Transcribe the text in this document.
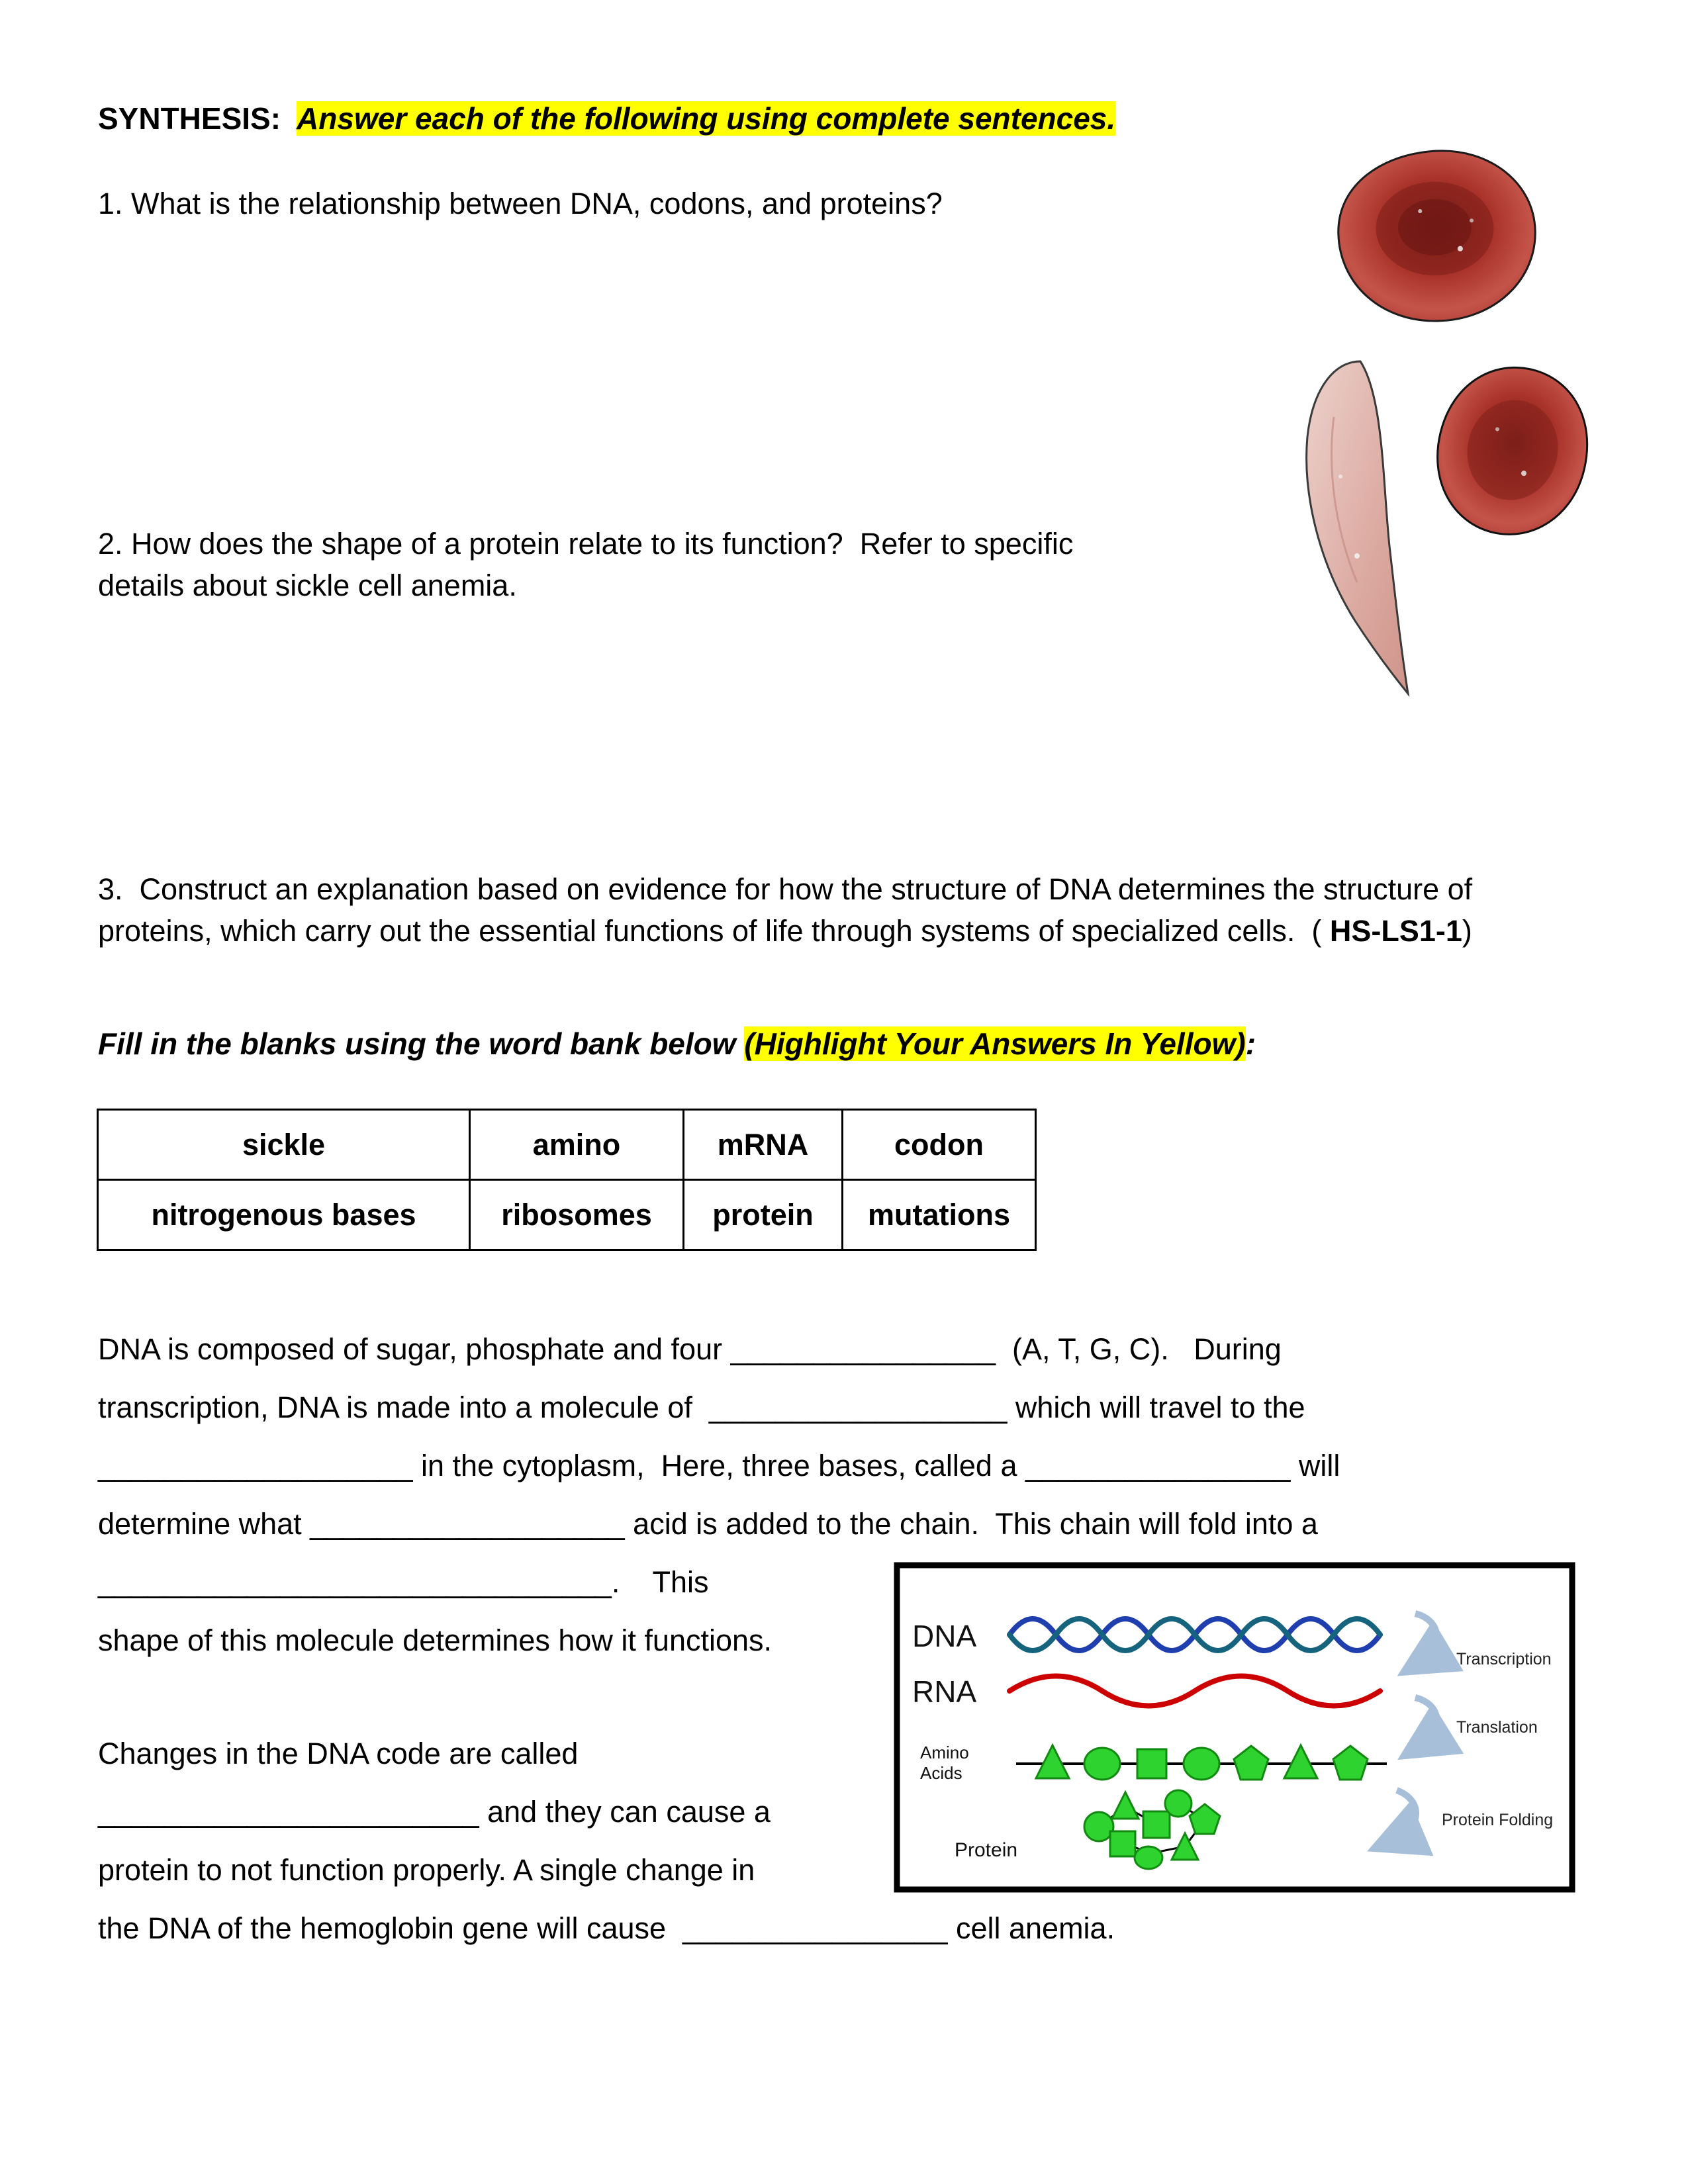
SYNTHESIS: Answer each of the following using complete sentences.
1. What is the relationship between DNA, codons, and proteins?
2. How does the shape of a protein relate to its function?  Refer to specific
details about sickle cell anemia.
3.  Construct an explanation based on evidence for how the structure of DNA determines the structure of proteins, which carry out the essential functions of life through systems of specialized cells.  ( HS-LS1-1)
Fill in the blanks using the word bank below (Highlight Your Answers In Yellow):
sickle	amino	mRNA	codon
nitrogenous bases	ribosomes	protein	mutations
DNA is composed of sugar, phosphate and four ________________  (A, T, G, C).   During
transcription, DNA is made into a molecule of  __________________ which will travel to the
___________________ in the cytoplasm,  Here, three bases, called a ________________ will
determine what ___________________ acid is added to the chain.  This chain will fold into a
_______________________________.    This
shape of this molecule determines how it functions.	DNA
Transcription
RNA
Translation
Amino
Acids
Protein Folding
Protein
Changes in the DNA code are called
_______________________ and they can cause a
protein to not function properly. A single change in
the DNA of the hemoglobin gene will cause  ________________ cell anemia.
